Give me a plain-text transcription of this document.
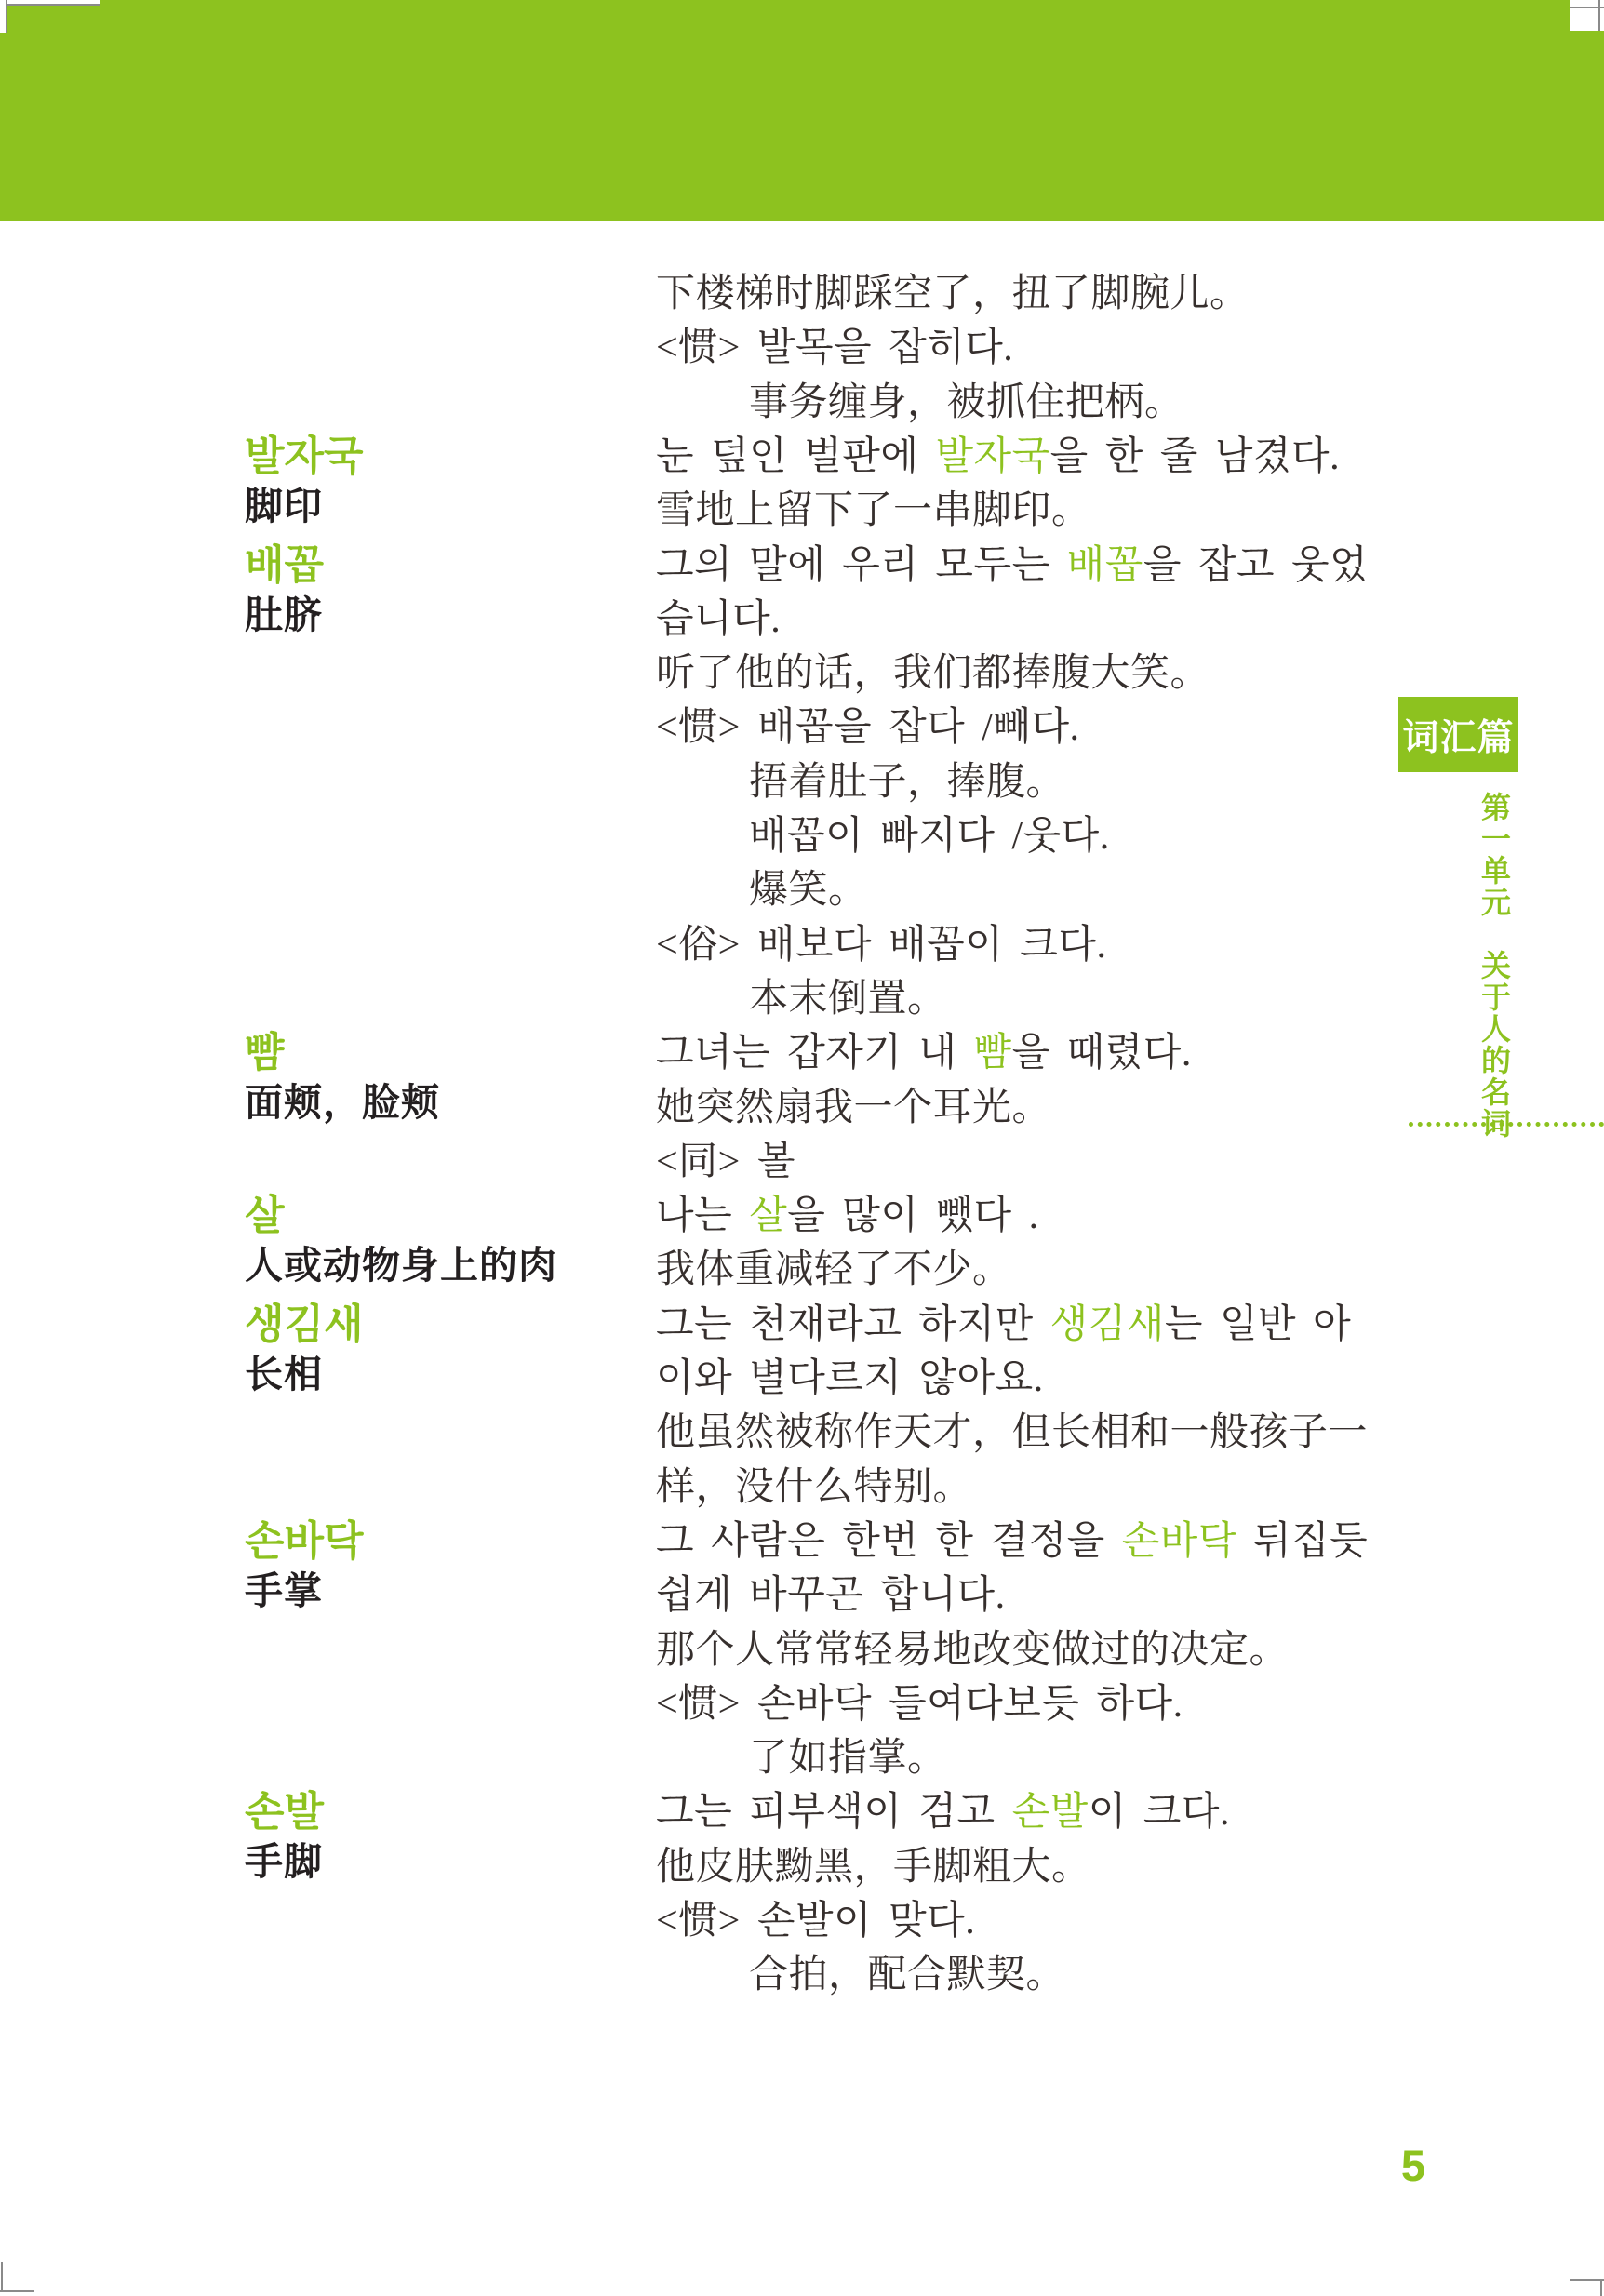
下楼梯时脚踩空了，扭了脚腕儿。
<惯> 발목을 잡히다.
事务缠身，被抓住把柄。
눈 덮인 벌판에 발자국을 한 줄 남겼다.
雪地上留下了一串脚印。
그의 말에 우리 모두는 배꼽을 잡고 웃었
습니다.
听了他的话，我们都捧腹大笑。
<惯> 배꼽을 잡다 /빼다.
捂着肚子，捧腹。
배꼽이 빠지다 /웃다.
爆笑。
<俗> 배보다 배꼽이 크다.
本末倒置。
그녀는 갑자기 내 뺨을 때렸다.
她突然扇我一个耳光。
<同> 볼
나는 살을 많이 뺐다 .
我体重减轻了不少。
그는 천재라고 하지만 생김새는 일반 아
이와 별다르지 않아요.
他虽然被称作天才，但长相和一般孩子一
样，没什么特别。
그 사람은 한번 한 결정을 손바닥 뒤집듯
쉽게 바꾸곤 합니다.
那个人常常轻易地改变做过的决定。
<惯> 손바닥 들여다보듯 하다.
了如指掌。
그는 피부색이 검고 손발이 크다.
他皮肤黝黑，手脚粗大。
<惯> 손발이 맞다.
合拍，配合默契。
발자국
脚印
배꼽
肚脐
뺨
面颊，脸颊
살
人或动物身上的肉
생김새
长相
손바닥
手掌
손발
手脚
词汇篇
第一单元关于人的名词
5
